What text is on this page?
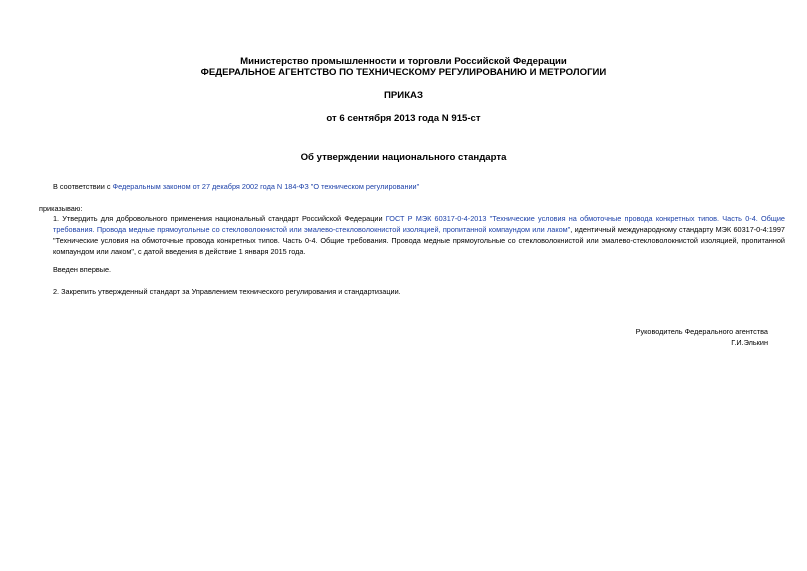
Министерство промышленности и торговли Российской Федерации
ФЕДЕРАЛЬНОЕ АГЕНТСТВО ПО ТЕХНИЧЕСКОМУ РЕГУЛИРОВАНИЮ И МЕТРОЛОГИИ
ПРИКАЗ
от 6 сентября 2013 года N 915-ст
Об утверждении национального стандарта
В соответствии с Федеральным законом от 27 декабря 2002 года N 184-ФЗ "О техническом регулировании"
приказываю:
1. Утвердить для добровольного применения национальный стандарт Российской Федерации ГОСТ Р МЭК 60317-0-4-2013 "Технические условия на обмоточные провода конкретных типов. Часть 0-4. Общие требования. Провода медные прямоугольные со стекловолокнистой или эмалево-стекловолокнистой изоляцией, пропитанной компаундом или лаком", идентичный международному стандарту МЭК 60317-0-4:1997 "Технические условия на обмоточные провода конкретных типов. Часть 0-4. Общие требования. Провода медные прямоугольные со стекловолокнистой или эмалево-стекловолокнистой изоляцией, пропитанной компаундом или лаком", с датой введения в действие 1 января 2015 года.
Введен впервые.
2. Закрепить утвержденный стандарт за Управлением технического регулирования и стандартизации.
Руководитель Федерального агентства
Г.И.Элькин
